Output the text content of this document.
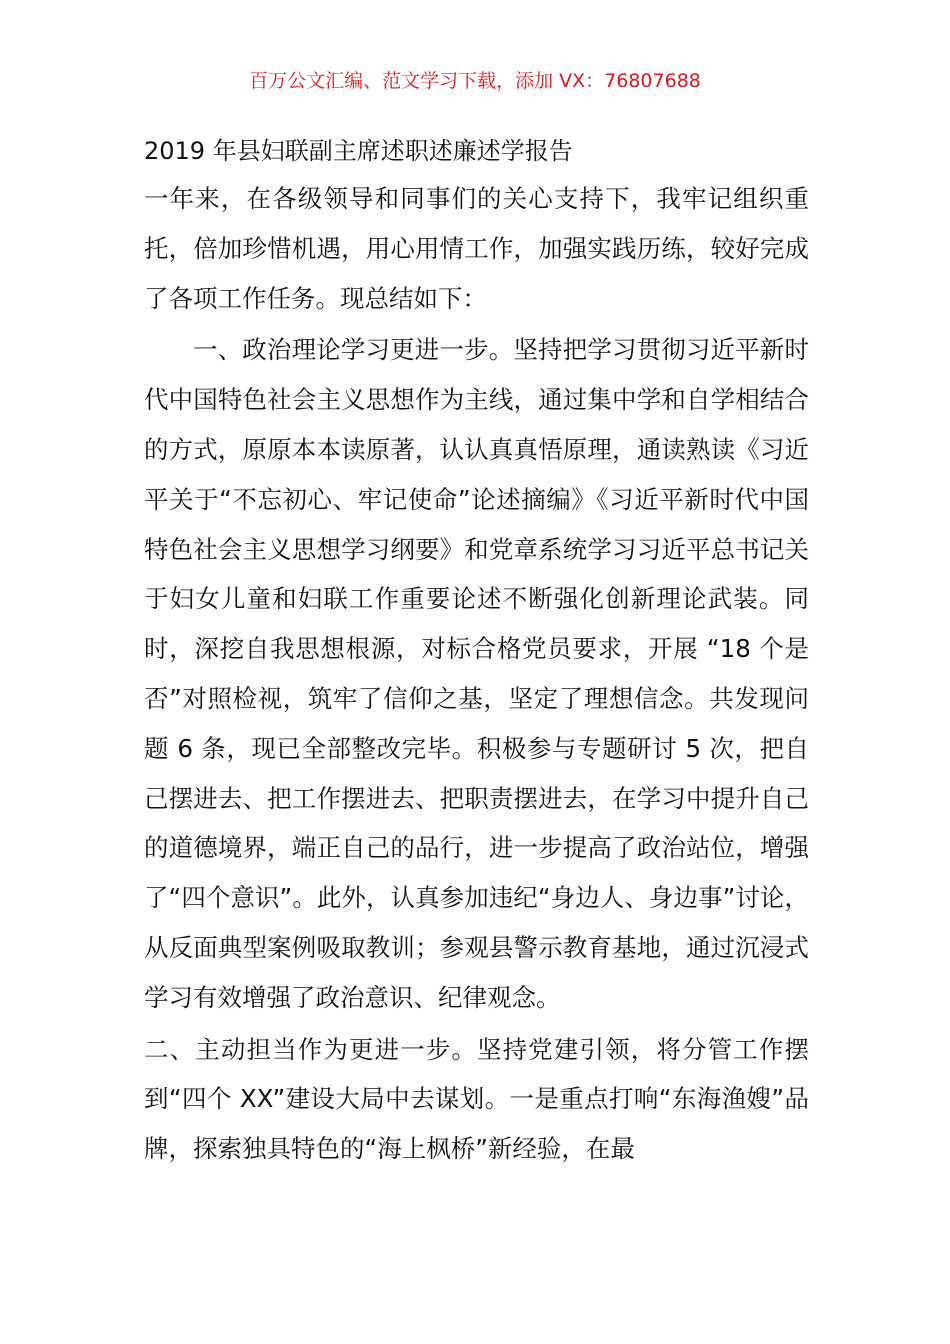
百万公文汇编、范文学习下载，添加 VX：76807688
2019 年县妇联副主席述职述廉述学报告

一年来，在各级领导和同事们的关心支持下，我牢记组织重托，倍加珍惜机遇，用心用情工作，加强实践历练，较好完成了各项工作任务。现总结如下：

一、政治理论学习更进一步。坚持把学习贯彻习近平新时代中国特色社会主义思想作为主线，通过集中学和自学相结合的方式，原原本本读原著，认认真真悟原理，通读熟读《习近平关于“不忘初心、牢记使命”论述摘编》《习近平新时代中国特色社会主义思想学习纲要》和党章系统学习习近平总书记关于妇女儿童和妇联工作重要论述不断强化创新理论武装。同时，深挖自我思想根源，对标合格党员要求，开展 “18 个是否”对照检视，筑牢了信仰之基，坚定了理想信念。共发现问题 6 条，现已全部整改完毕。积极参与专题研讨 5 次，把自己摆进去、把工作摆进去、把职责摆进去，在学习中提升自己的道德境界，端正自己的品行，进一步提高了政治站位，增强了“四个意识”。此外，认真参加违纪“身边人、身边事”讨论，从反面典型案例吸取教训；参观县警示教育基地，通过沉浸式学习有效增强了政治意识、纪律观念。

二、主动担当作为更进一步。坚持党建引领，将分管工作摆到“四个 XX”建设大局中去谋划。一是重点打响“东海渔嫂”品牌，探索独具特色的“海上枫桥”新经验，在最
